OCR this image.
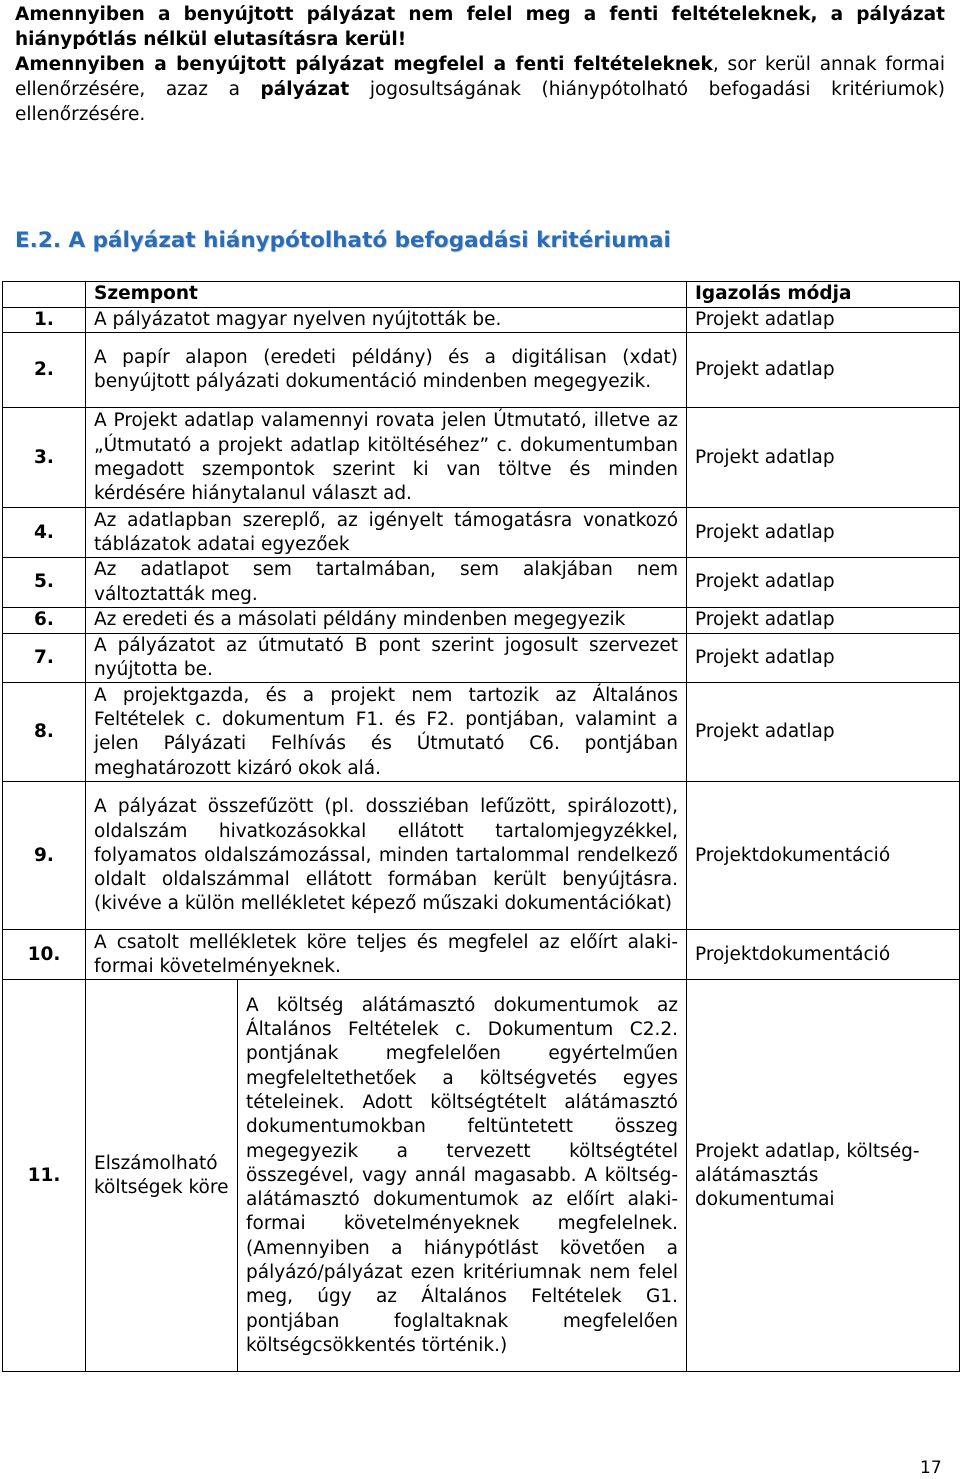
Amennyiben a benyújtott pályázat nem felel meg a fenti feltételeknek, a pályázat hiánypótlás nélkül elutasításra kerül!

Amennyiben a benyújtott pályázat megfelel a fenti feltételeknek, sor kerül annak formai ellenőrzésére, azaz a pályázat jogosultságának (hiánypótolható befogadási kritériumok) ellenőrzésére.

E.2. A pályázat hiánypótolható befogadási kritériumai
	Szempont		Igazolás módja
1.	A pályázatot magyar nyelven nyújtották be.		Projekt adatlap
2.	A papír alapon (eredeti példány) és a digitálisan (xdat) benyújtott pályázati dokumentáció mindenben megegyezik.		Projekt adatlap
3.	A Projekt adatlap valamennyi rovata jelen Útmutató, illetve az „Útmutató a projekt adatlap kitöltéséhez” c. dokumentumban megadott szempontok szerint ki van töltve és minden kérdésére hiánytalanul választ ad.		Projekt adatlap
4.	Az adatlapban szereplő, az igényelt támogatásra vonatkozó táblázatok adatai egyezőek		Projekt adatlap
5.	Az adatlapot sem tartalmában, sem alakjában nem változtatták meg.		Projekt adatlap
6.	Az eredeti és a másolati példány mindenben megegyezik		Projekt adatlap
7.	A pályázatot az útmutató B pont szerint jogosult szervezet nyújtotta be.		Projekt adatlap
8.	A projektgazda, és a projekt nem tartozik az Általános Feltételek c. dokumentum F1. és F2. pontjában, valamint a jelen Pályázati Felhívás és Útmutató C6. pontjában meghatározott kizáró okok alá.		Projekt adatlap
9.	A pályázat összefűzött (pl. dossziéban lefűzött, spirálozott), oldalszám hivatkozásokkal ellátott tartalomjegyzékkel, folyamatos oldalszámozással, minden tartalommal rendelkező oldalt oldalszámmal ellátott formában került benyújtásra. (kivéve a külön mellékletet képező műszaki dokumentációkat)		Projektdokumentáció
10.	A csatolt mellékletek köre teljes és megfelel az előírt alaki-formai követelményeknek.		Projektdokumentáció
11.	Elszámolható költségek köre	A költség alátámasztó dokumentumok az Általános Feltételek c. Dokumentum C2.2. pontjának megfelelően egyértelműen megfeleltethetőek a költségvetés egyes tételeinek. Adott költségtételt alátámasztó dokumentumokban feltüntetett összeg megegyezik a tervezett költségtétel összegével, vagy annál magasabb. A költség-alátámasztó dokumentumok az előírt alaki-formai követelményeknek megfelelnek. (Amennyiben a hiánypótlást követően a pályázó/pályázat ezen kritériumnak nem felel meg, úgy az Általános Feltételek G1. pontjában foglaltaknak megfelelően költségcsökkentés történik.)	Projekt adatlap, költség-alátámasztás dokumentumai
17
